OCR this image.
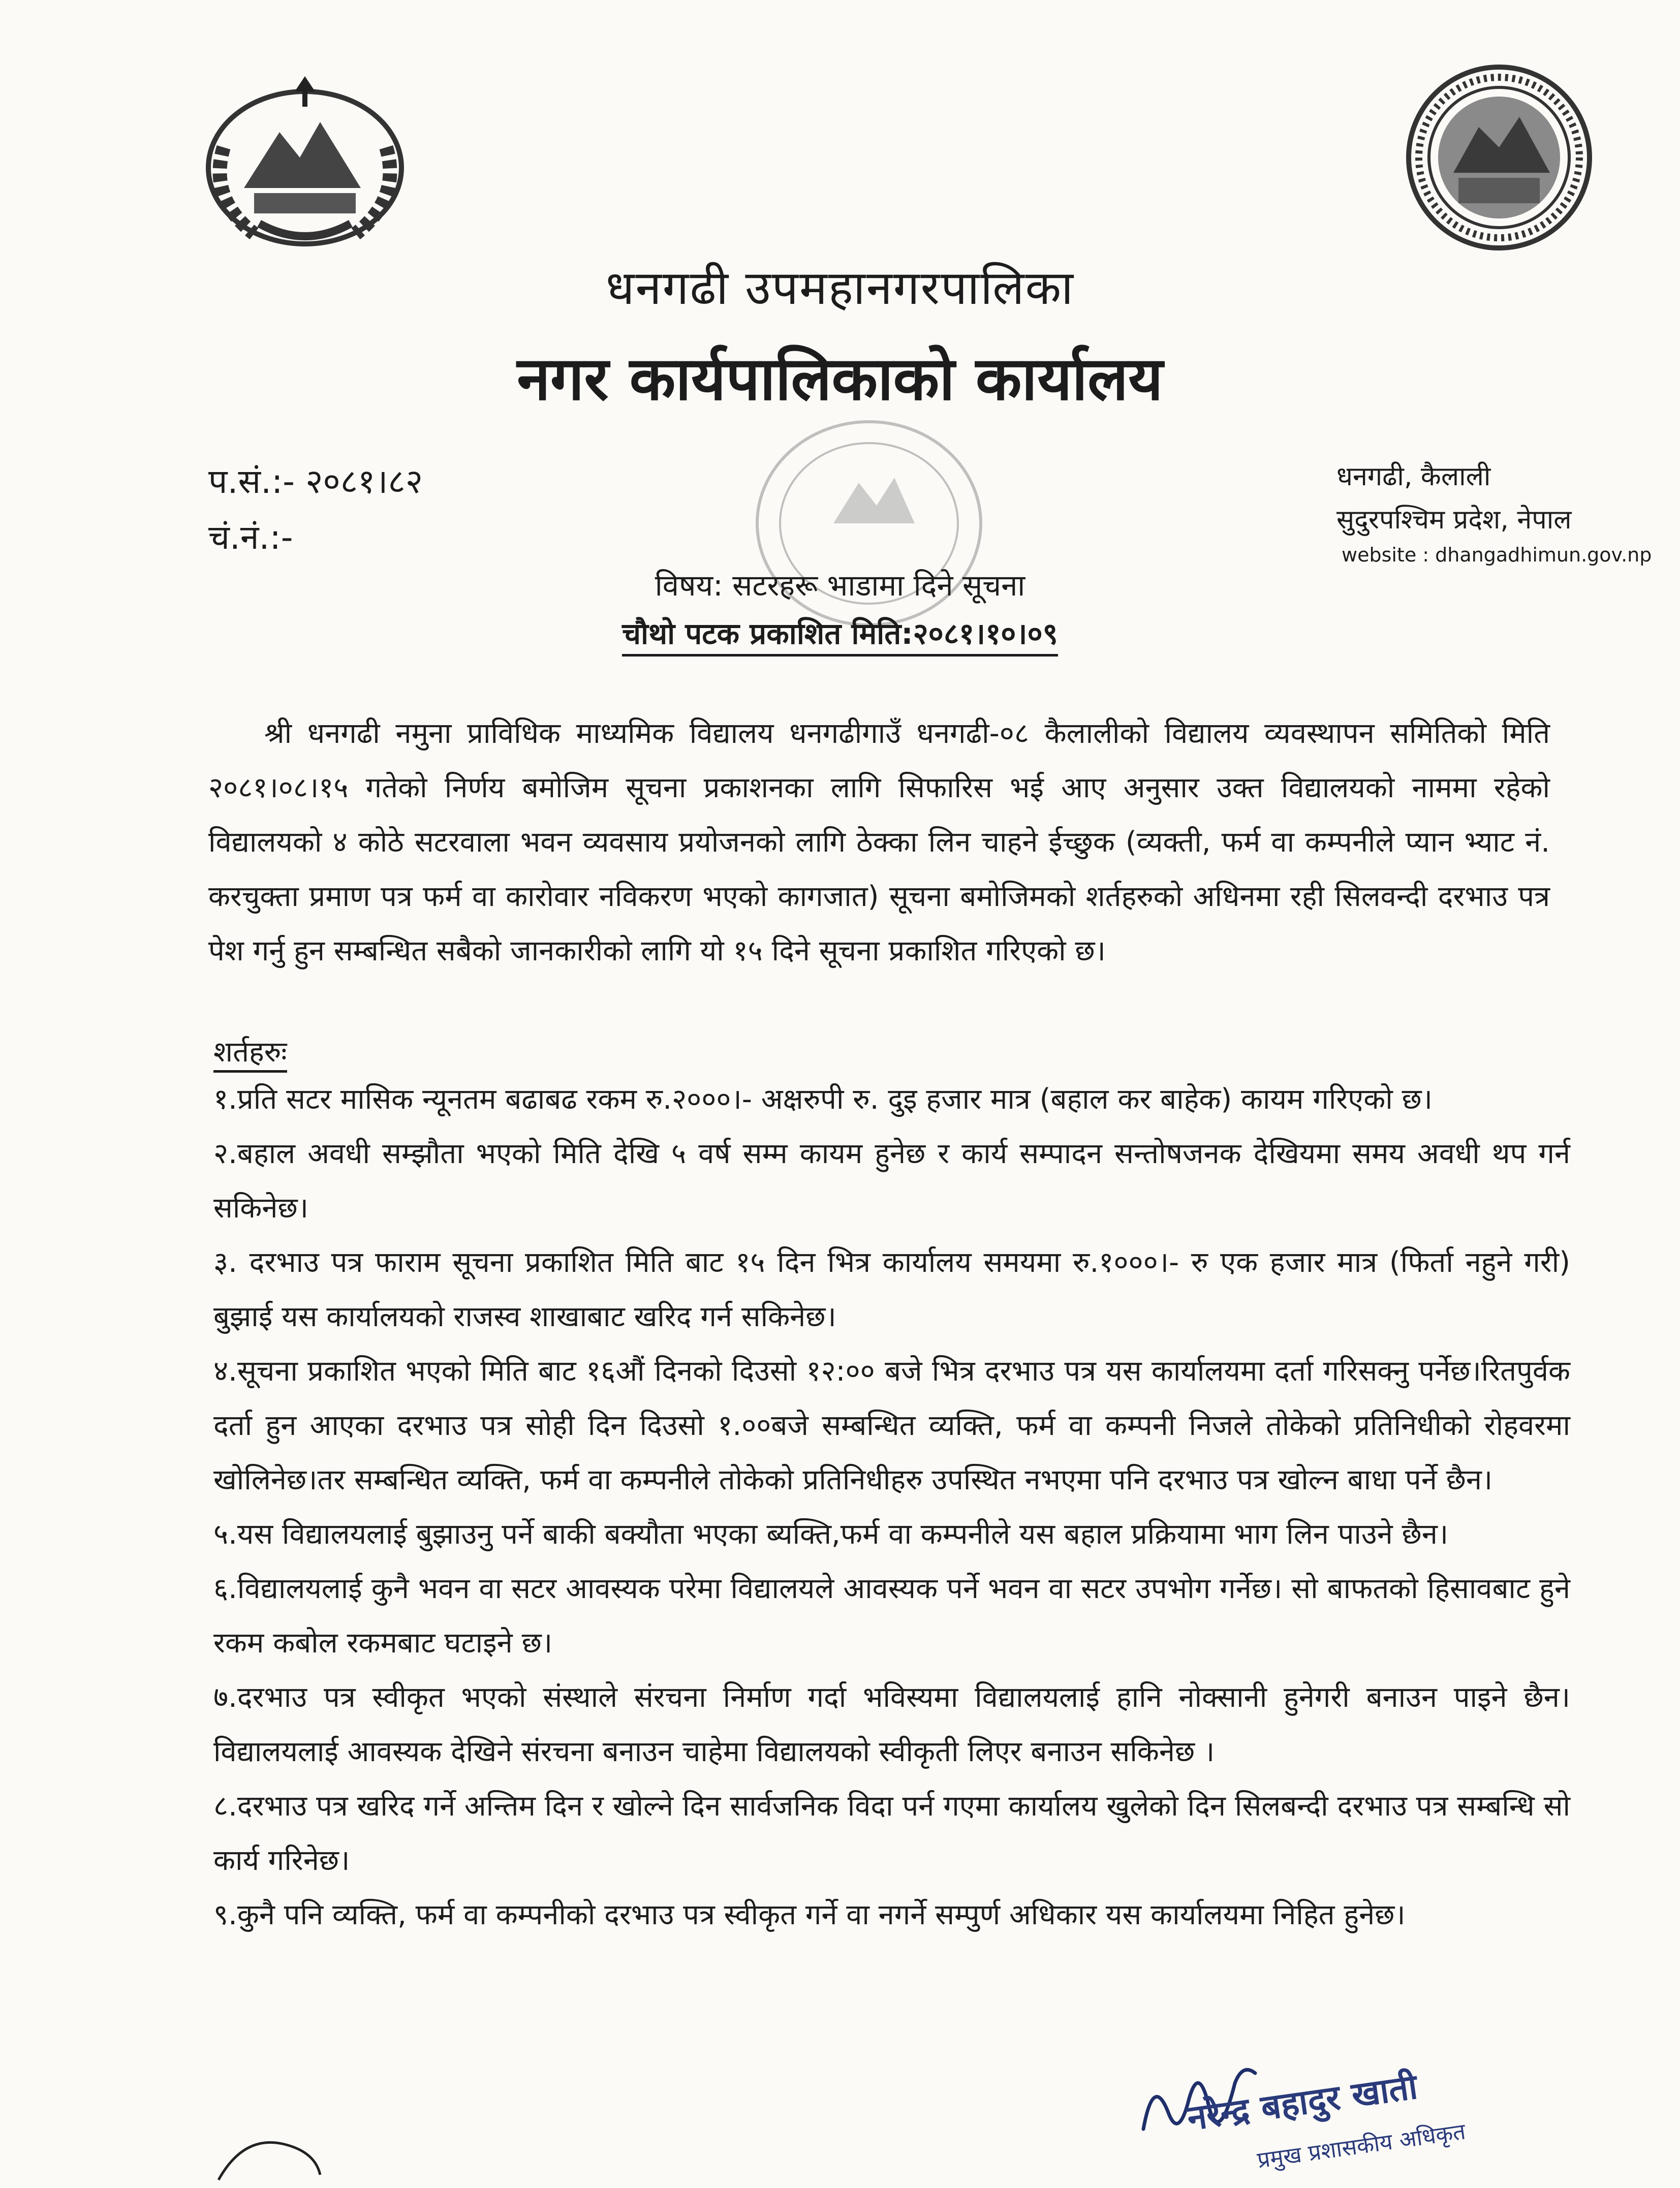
धनगढी उपमहानगरपालिका
नगर कार्यपालिकाको कार्यालय
प.सं.:- २०८१।८२
चं.नं.:-
धनगढी, कैलाली
सुदुरपश्चिम प्रदेश, नेपाल
website : dhangadhimun.gov.np
विषय: सटरहरू भाडामा दिने सूचना
चौथो पटक प्रकाशित मिति:२०८१।१०।०९
श्री धनगढी नमुना प्राविधिक माध्यमिक विद्यालय धनगढीगाउँ धनगढी-०८ कैलालीको विद्यालय व्यवस्थापन समितिको मिति २०८१।०८।१५ गतेको निर्णय बमोजिम सूचना प्रकाशनका लागि सिफारिस भई आए अनुसार उक्त विद्यालयको नाममा रहेको विद्यालयको ४ कोठे सटरवाला भवन व्यवसाय प्रयोजनको लागि ठेक्का लिन चाहने ईच्छुक (व्यक्ती, फर्म वा कम्पनीले प्यान भ्याट नं. करचुक्ता प्रमाण पत्र फर्म वा कारोवार नविकरण भएको कागजात) सूचना बमोजिमको शर्तहरुको अधिनमा रही सिलवन्दी दरभाउ पत्र पेश गर्नु हुन सम्बन्धित सबैको जानकारीको लागि यो १५ दिने सूचना प्रकाशित गरिएको छ।
शर्तहरुः
१.प्रति सटर मासिक न्यूनतम बढाबढ रकम रु.२०००।- अक्षरुपी रु. दुइ हजार मात्र (बहाल कर बाहेक) कायम गरिएको छ।
२.बहाल अवधी सम्झौता भएको मिति देखि ५ वर्ष सम्म कायम हुनेछ र कार्य सम्पादन सन्तोषजनक देखियमा समय अवधी थप गर्न सकिनेछ।
३. दरभाउ पत्र फाराम सूचना प्रकाशित मिति बाट १५ दिन भित्र कार्यालय समयमा रु.१०००।- रु एक हजार मात्र (फिर्ता नहुने गरी) बुझाई यस कार्यालयको राजस्व शाखाबाट खरिद गर्न सकिनेछ।
४.सूचना प्रकाशित भएको मिति बाट १६औं दिनको दिउसो १२:०० बजे भित्र दरभाउ पत्र यस कार्यालयमा दर्ता गरिसक्नु पर्नेछ।रितपुर्वक दर्ता हुन आएका दरभाउ पत्र सोही दिन दिउसो १.००बजे सम्बन्धित व्यक्ति, फर्म वा कम्पनी निजले तोकेको प्रतिनिधीको रोहवरमा खोलिनेछ।तर सम्बन्धित व्यक्ति, फर्म वा कम्पनीले तोकेको प्रतिनिधीहरु उपस्थित नभएमा पनि दरभाउ पत्र खोल्न बाधा पर्ने छैन।
५.यस विद्यालयलाई बुझाउनु पर्ने बाकी बक्यौता भएका ब्यक्ति,फर्म वा कम्पनीले यस बहाल प्रक्रियामा भाग लिन पाउने छैन।
६.विद्यालयलाई कुनै भवन वा सटर आवस्यक परेमा विद्यालयले आवस्यक पर्ने भवन वा सटर उपभोग गर्नेछ। सो बाफतको हिसावबाट हुने रकम कबोल रकमबाट घटाइने छ।
७.दरभाउ पत्र स्वीकृत भएको संस्थाले संरचना निर्माण गर्दा भविस्यमा विद्यालयलाई हानि नोक्सानी हुनेगरी बनाउन पाइने छैन। विद्यालयलाई आवस्यक देखिने संरचना बनाउन चाहेमा विद्यालयको स्वीकृती लिएर बनाउन सकिनेछ ।
८.दरभाउ पत्र खरिद गर्ने अन्तिम दिन र खोल्ने दिन सार्वजनिक विदा पर्न गएमा कार्यालय खुलेको दिन सिलबन्दी दरभाउ पत्र सम्बन्धि सो कार्य गरिनेछ।
९.कुनै पनि व्यक्ति, फर्म वा कम्पनीको दरभाउ पत्र स्वीकृत गर्ने वा नगर्ने सम्पुर्ण अधिकार यस कार्यालयमा निहित हुनेछ।
नरेन्द्र बहादुर खाती
प्रमुख प्रशासकीय अधिकृत
